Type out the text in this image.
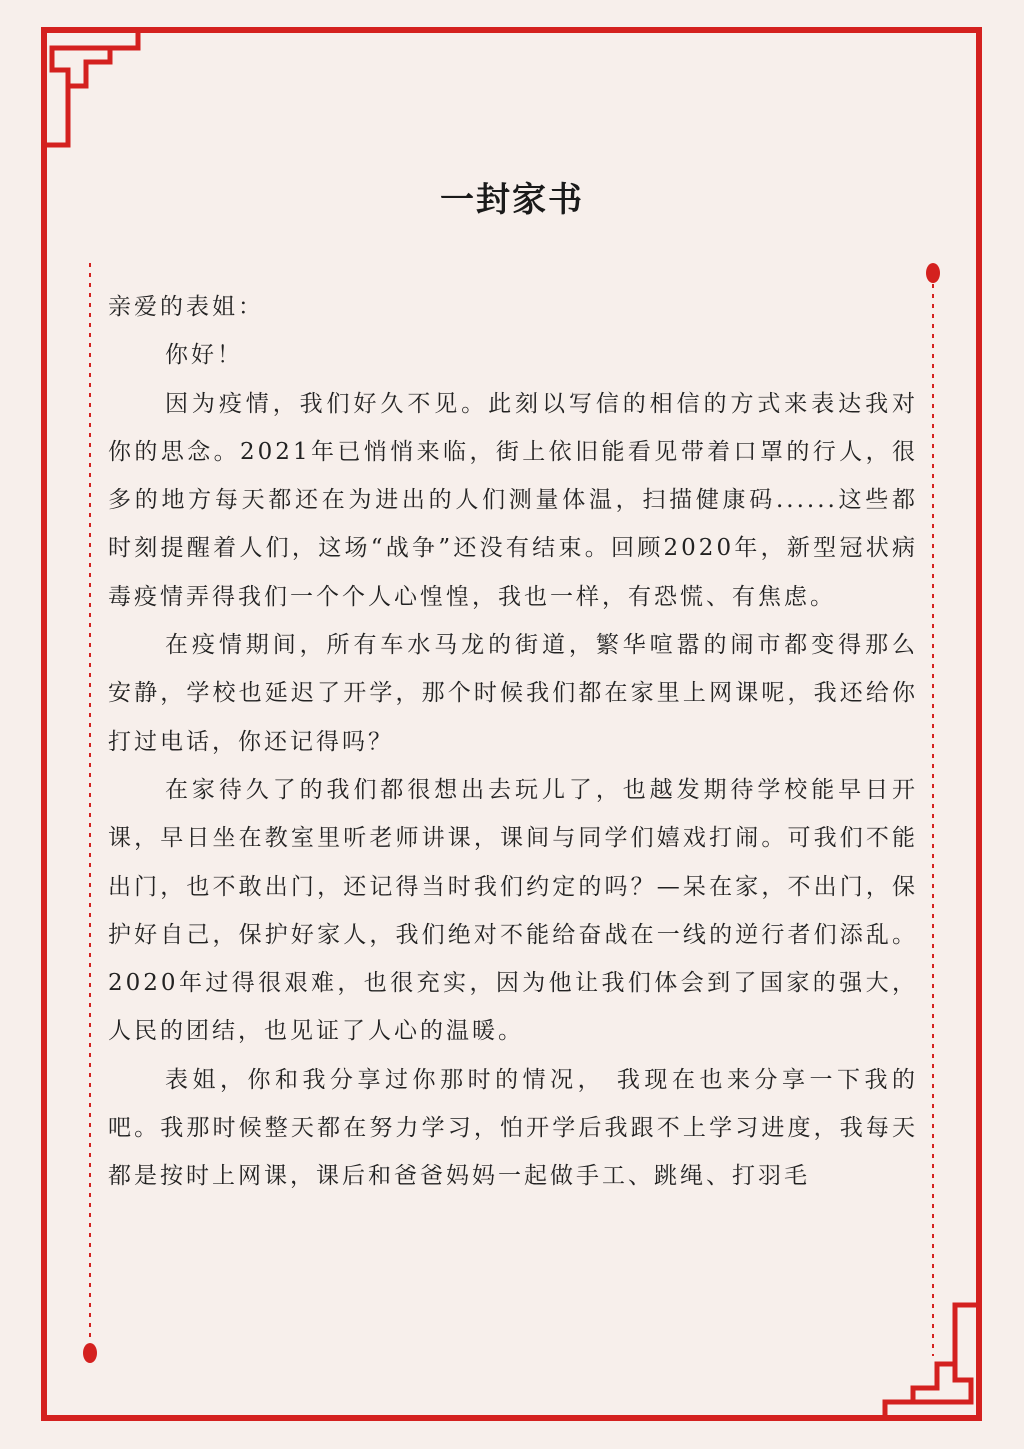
一封家书

亲爱的表姐：

你好！

因为疫情，我们好久不见。此刻以写信的相信的方式来表达我对你的思念。2021年已悄悄来临，街上依旧能看见带着口罩的行人，很多的地方每天都还在为进出的人们测量体温，扫描健康码......这些都时刻提醒着人们，这场“战争”还没有结束。回顾2020年，新型冠状病毒疫情弄得我们一个个人心惶惶，我也一样，有恐慌、有焦虑。

在疫情期间，所有车水马龙的街道，繁华喧嚣的闹市都变得那么安静，学校也延迟了开学，那个时候我们都在家里上网课呢，我还给你打过电话，你还记得吗？

在家待久了的我们都很想出去玩儿了，也越发期待学校能早日开课，早日坐在教室里听老师讲课，课间与同学们嬉戏打闹。可我们不能出门，也不敢出门，还记得当时我们约定的吗？—呆在家，不出门，保护好自己，保护好家人，我们绝对不能给奋战在一线的逆行者们添乱。2020年过得很艰难，也很充实，因为他让我们体会到了国家的强大，人民的团结，也见证了人心的温暖。

表姐，你和我分享过你那时的情况， 我现在也来分享一下我的吧。我那时候整天都在努力学习，怕开学后我跟不上学习进度，我每天都是按时上网课，课后和爸爸妈妈一起做手工、跳绳、打羽毛
